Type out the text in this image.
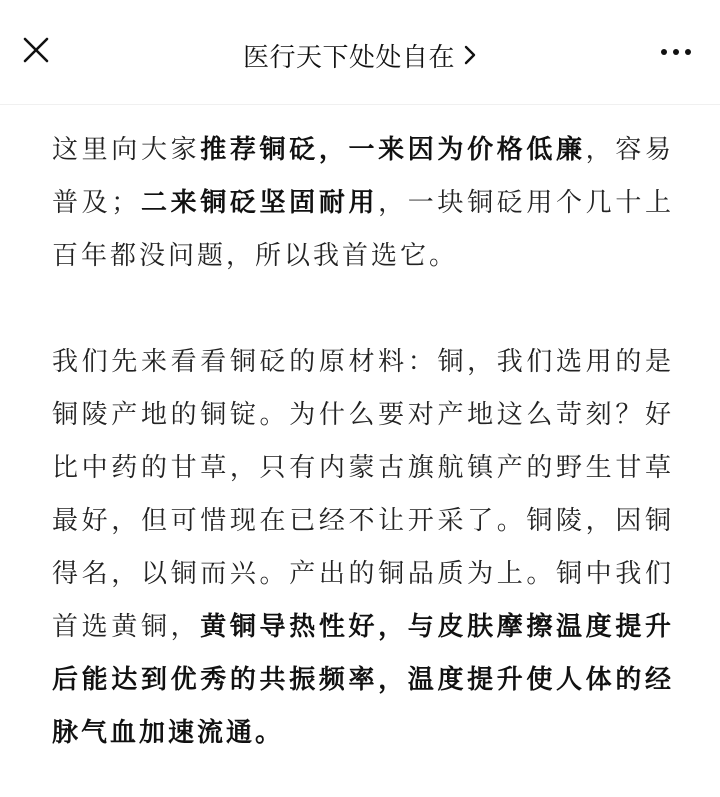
医行天下处处自在

这里向大家推荐铜砭，一来因为价格低廉，容易普及；二来铜砭坚固耐用，一块铜砭用个几十上百年都没问题，所以我首选它。

我们先来看看铜砭的原材料：铜，我们选用的是铜陵产地的铜锭。为什么要对产地这么苛刻？好比中药的甘草，只有内蒙古旗航镇产的野生甘草最好，但可惜现在已经不让开采了。铜陵，因铜得名，以铜而兴。产出的铜品质为上。铜中我们首选黄铜，黄铜导热性好，与皮肤摩擦温度提升后能达到优秀的共振频率，温度提升使人体的经脉气血加速流通。
